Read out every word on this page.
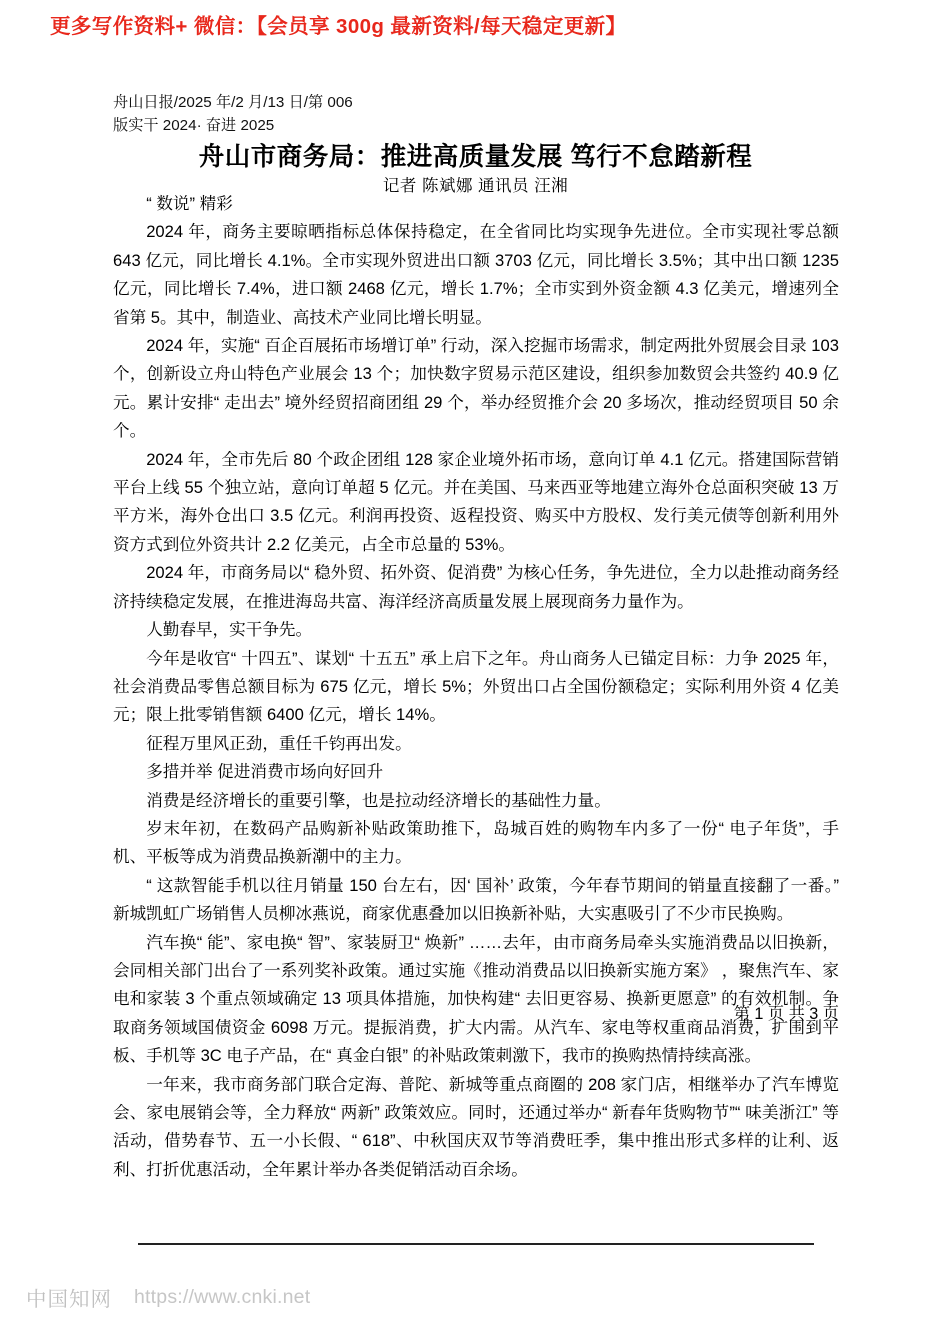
更多写作资料+ 微信：【会员享 300g 最新资料/每天稳定更新】
舟山日报/2025 年/2 月/13 日/第 006
版实干 2024· 奋进 2025
舟山市商务局：推进高质量发展 笃行不怠踏新程
记者 陈斌娜 通讯员 汪湘

“ 数说” 精彩

2024 年，商务主要晾晒指标总体保持稳定，在全省同比均实现争先进位。全市实现社零总额 643 亿元，同比增长 4.1%。全市实现外贸进出口额 3703 亿元，同比增长 3.5%；其中出口额 1235 亿元，同比增长 7.4%，进口额 2468 亿元，增长 1.7%；全市实到外资金额 4.3 亿美元，增速列全省第 5。其中，制造业、高技术产业同比增长明显。

2024 年，实施“ 百企百展拓市场增订单” 行动，深入挖掘市场需求，制定两批外贸展会目录 103 个，创新设立舟山特色产业展会 13 个；加快数字贸易示范区建设，组织参加数贸会共签约 40.9 亿元。累计安排“ 走出去” 境外经贸招商团组 29 个，举办经贸推介会 20 多场次，推动经贸项目 50 余个。

2024 年，全市先后 80 个政企团组 128 家企业境外拓市场，意向订单 4.1 亿元。搭建国际营销平台上线 55 个独立站，意向订单超 5 亿元。并在美国、马来西亚等地建立海外仓总面积突破 13 万平方米，海外仓出口 3.5 亿元。利润再投资、返程投资、购买中方股权、发行美元债等创新利用外资方式到位外资共计 2.2 亿美元，占全市总量的 53%。

2024 年，市商务局以“ 稳外贸、拓外资、促消费” 为核心任务，争先进位，全力以赴推动商务经济持续稳定发展，在推进海岛共富、海洋经济高质量发展上展现商务力量作为。

人勤春早，实干争先。

今年是收官“ 十四五”、谋划“ 十五五” 承上启下之年。舟山商务人已锚定目标：力争 2025 年，社会消费品零售总额目标为 675 亿元，增长 5%；外贸出口占全国份额稳定；实际利用外资 4 亿美元；限上批零销售额 6400 亿元，增长 14%。

征程万里风正劲，重任千钧再出发。

多措并举 促进消费市场向好回升

消费是经济增长的重要引擎，也是拉动经济增长的基础性力量。

岁末年初，在数码产品购新补贴政策助推下，岛城百姓的购物车内多了一份“ 电子年货”，手机、平板等成为消费品换新潮中的主力。

“ 这款智能手机以往月销量 150 台左右，因‘ 国补’ 政策，今年春节期间的销量直接翻了一番。” 新城凯虹广场销售人员柳冰燕说，商家优惠叠加以旧换新补贴，大实惠吸引了不少市民换购。

汽车换“ 能”、家电换“ 智”、家装厨卫“ 焕新” ……去年，由市商务局牵头实施消费品以旧换新，会同相关部门出台了一系列奖补政策。通过实施《推动消费品以旧换新实施方案》 ，聚焦汽车、家电和家装 3 个重点领域确定 13 项具体措施，加快构建“ 去旧更容易、换新更愿意” 的有效机制。争取商务领域国债资金 6098 万元。提振消费，扩大内需。从汽车、家电等权重商品消费，扩围到平板、手机等 3C 电子产品，在“ 真金白银” 的补贴政策刺激下，我市的换购热情持续高涨。

一年来，我市商务部门联合定海、普陀、新城等重点商圈的 208 家门店，相继举办了汽车博览会、家电展销会等，全力释放“ 两新” 政策效应。同时，还通过举办“ 新春年货购物节”“ 味美浙江” 等活动，借势春节、五一小长假、“ 618”、中秋国庆双节等消费旺季，集中推出形式多样的让利、返利、打折优惠活动，全年累计举办各类促销活动百余场。

第 1 页 共 3 页
中国知网 https://www.cnki.net
